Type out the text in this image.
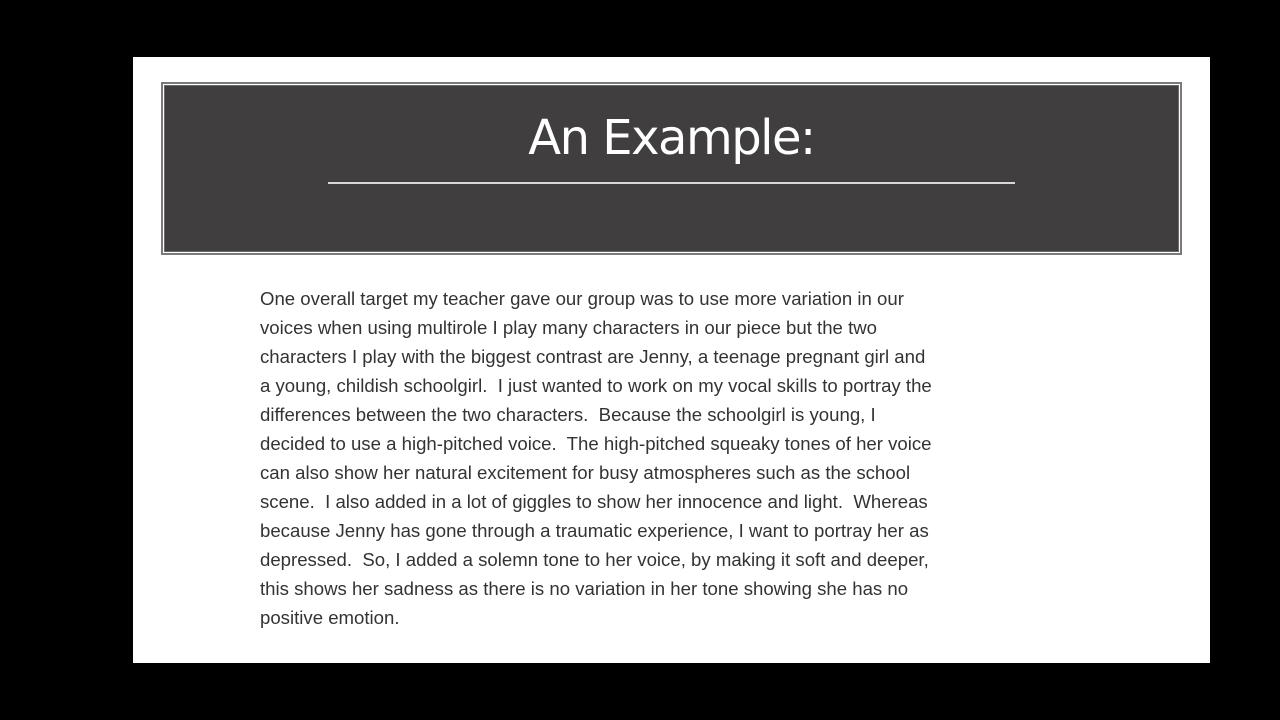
An Example:
One overall target my teacher gave our group was to use more variation in our
voices when using multirole I play many characters in our piece but the two
characters I play with the biggest contrast are Jenny, a teenage pregnant girl and
a young, childish schoolgirl.  I just wanted to work on my vocal skills to portray the
differences between the two characters.  Because the schoolgirl is young, I
decided to use a high-pitched voice.  The high-pitched squeaky tones of her voice
can also show her natural excitement for busy atmospheres such as the school
scene.  I also added in a lot of giggles to show her innocence and light.  Whereas
because Jenny has gone through a traumatic experience, I want to portray her as
depressed.  So, I added a solemn tone to her voice, by making it soft and deeper,
this shows her sadness as there is no variation in her tone showing she has no
positive emotion.
